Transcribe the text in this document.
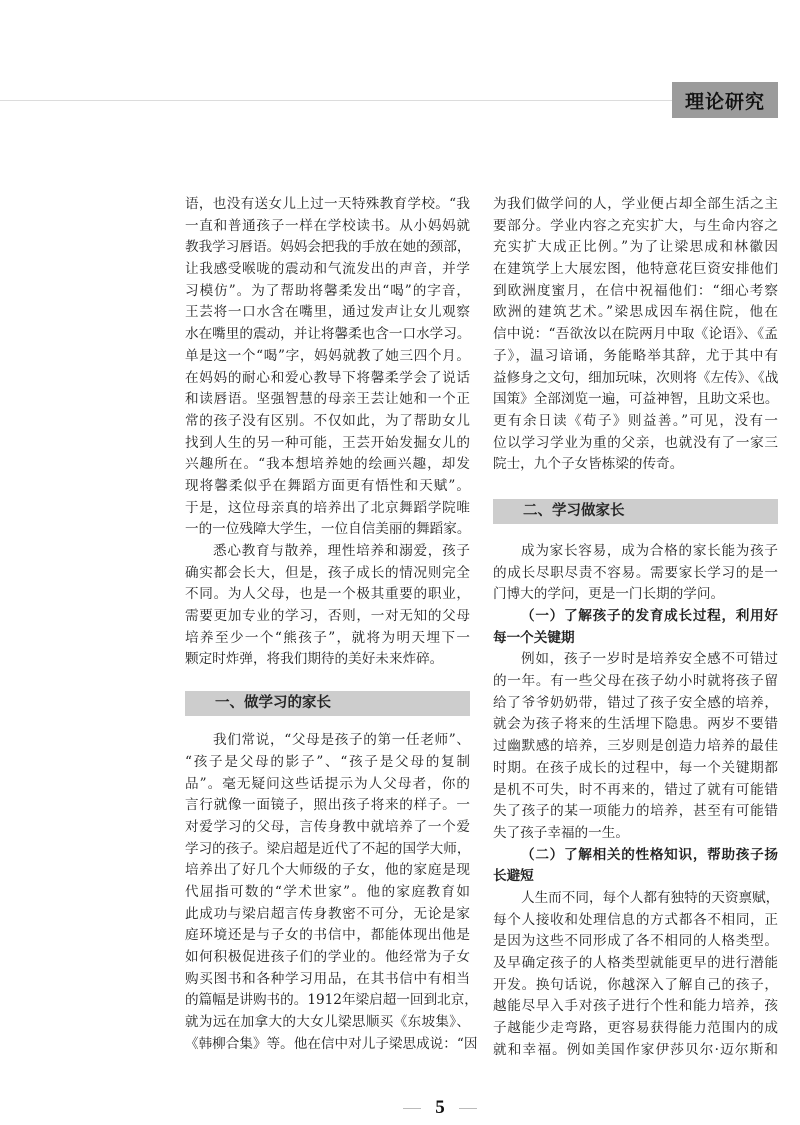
理论研究
语，也没有送女儿上过一天特殊教育学校。“我
一直和普通孩子一样在学校读书。从小妈妈就
教我学习唇语。妈妈会把我的手放在她的颈部，
让我感受喉咙的震动和气流发出的声音，并学
习模仿”。为了帮助将馨柔发出“喝”的字音，
王芸将一口水含在嘴里，通过发声让女儿观察
水在嘴里的震动，并让将馨柔也含一口水学习。
单是这一个“喝”字，妈妈就教了她三四个月。
在妈妈的耐心和爱心教导下将馨柔学会了说话
和读唇语。坚强智慧的母亲王芸让她和一个正
常的孩子没有区别。不仅如此，为了帮助女儿
找到人生的另一种可能，王芸开始发掘女儿的
兴趣所在。“我本想培养她的绘画兴趣，却发
现将馨柔似乎在舞蹈方面更有悟性和天赋”。
于是，这位母亲真的培养出了北京舞蹈学院唯
一的一位残障大学生，一位自信美丽的舞蹈家。
悉心教育与散养，理性培养和溺爱，孩子
确实都会长大，但是，孩子成长的情况则完全
不同。为人父母，也是一个极其重要的职业，
需要更加专业的学习，否则，一对无知的父母
培养至少一个“熊孩子”，就将为明天埋下一
颗定时炸弹，将我们期待的美好未来炸碎。
一、做学习的家长
我们常说，“父母是孩子的第一任老师”、
“孩子是父母的影子”、“孩子是父母的复制
品”。毫无疑问这些话提示为人父母者，你的
言行就像一面镜子，照出孩子将来的样子。一
对爱学习的父母，言传身教中就培养了一个爱
学习的孩子。梁启超是近代了不起的国学大师，
培养出了好几个大师级的子女，他的家庭是现
代屈指可数的“学术世家”。他的家庭教育如
此成功与梁启超言传身教密不可分，无论是家
庭环境还是与子女的书信中，都能体现出他是
如何积极促进孩子们的学业的。他经常为子女
购买图书和各种学习用品，在其书信中有相当
的篇幅是讲购书的。1912年梁启超一回到北京，
就为远在加拿大的大女儿梁思顺买《东坡集》、
《韩柳合集》等。他在信中对儿子梁思成说：“因
为我们做学问的人，学业便占却全部生活之主
要部分。学业内容之充实扩大，与生命内容之
充实扩大成正比例。”为了让梁思成和林徽因
在建筑学上大展宏图，他特意花巨资安排他们
到欧洲度蜜月，在信中祝福他们：“细心考察
欧洲的建筑艺术。”梁思成因车祸住院，他在
信中说：“吾欲汝以在院两月中取《论语》、《孟
子》，温习谙诵，务能略举其辞，尤于其中有
益修身之文句，细加玩味，次则将《左传》、《战
国策》全部浏览一遍，可益神智，且助文采也。
更有余日读《荀子》则益善。”可见，没有一
位以学习学业为重的父亲，也就没有了一家三
院士，九个子女皆栋梁的传奇。
二、学习做家长
成为家长容易，成为合格的家长能为孩子
的成长尽职尽责不容易。需要家长学习的是一
门博大的学问，更是一门长期的学问。
（一）了解孩子的发育成长过程，利用好
每一个关键期
例如，孩子一岁时是培养安全感不可错过
的一年。有一些父母在孩子幼小时就将孩子留
给了爷爷奶奶带，错过了孩子安全感的培养，
就会为孩子将来的生活埋下隐患。两岁不要错
过幽默感的培养，三岁则是创造力培养的最佳
时期。在孩子成长的过程中，每一个关键期都
是机不可失，时不再来的，错过了就有可能错
失了孩子的某一项能力的培养，甚至有可能错
失了孩子幸福的一生。
（二）了解相关的性格知识，帮助孩子扬
长避短
人生而不同，每个人都有独特的天资禀赋，
每个人接收和处理信息的方式都各不相同，正
是因为这些不同形成了各不相同的人格类型。
及早确定孩子的人格类型就能更早的进行潜能
开发。换句话说，你越深入了解自己的孩子，
越能尽早入手对孩子进行个性和能力培养，孩
子越能少走弯路，更容易获得能力范围内的成
就和幸福。例如美国作家伊莎贝尔·迈尔斯和
5
